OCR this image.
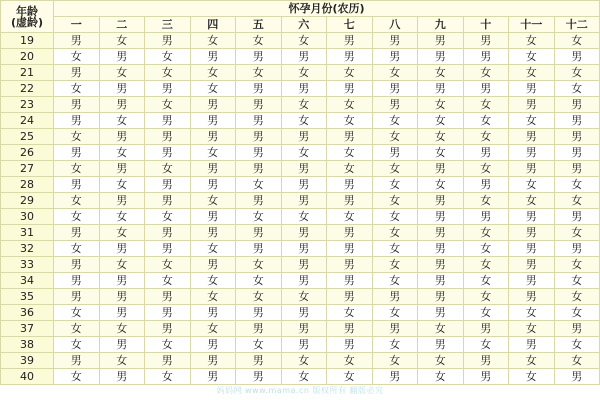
年龄
(虚龄)	怀孕月份(农历)											
	一	二	三	四	五	六	七	八	九	十	十一	十二
19	男	女	男	女	女	女	男	男	男	男	女	女
20	女	男	女	男	男	男	男	男	男	男	女	男
21	男	女	女	女	女	女	女	女	女	女	女	女
22	女	男	男	女	男	男	男	男	男	男	男	女
23	男	男	女	男	男	女	女	男	女	女	男	男
24	男	女	男	男	男	女	女	女	女	女	女	男
25	女	男	男	男	男	男	男	女	女	女	男	男
26	男	女	男	女	男	女	女	男	女	男	男	男
27	女	男	女	男	男	男	女	女	男	女	男	男
28	男	女	男	男	女	男	男	女	女	男	女	女
29	女	男	男	女	男	男	男	女	男	女	女	女
30	女	女	女	男	女	女	女	女	男	男	男	男
31	男	女	男	男	男	男	男	女	男	女	男	女
32	女	男	男	女	男	男	男	女	男	女	男	男
33	男	女	女	男	女	男	男	女	男	女	男	女
34	男	男	女	女	女	男	男	女	男	女	男	女
35	男	男	男	女	女	女	男	男	男	女	男	女
36	女	男	男	男	男	男	女	女	男	女	女	女
37	女	女	男	女	男	男	男	男	女	男	女	男
38	女	男	女	男	女	男	男	女	男	女	男	女
39	男	女	男	男	男	女	女	女	女	男	女	女
40	女	男	女	男	男	女	女	男	女	男	女	男
妈妈网 www.mama.cn 版权所有 翻版必究
